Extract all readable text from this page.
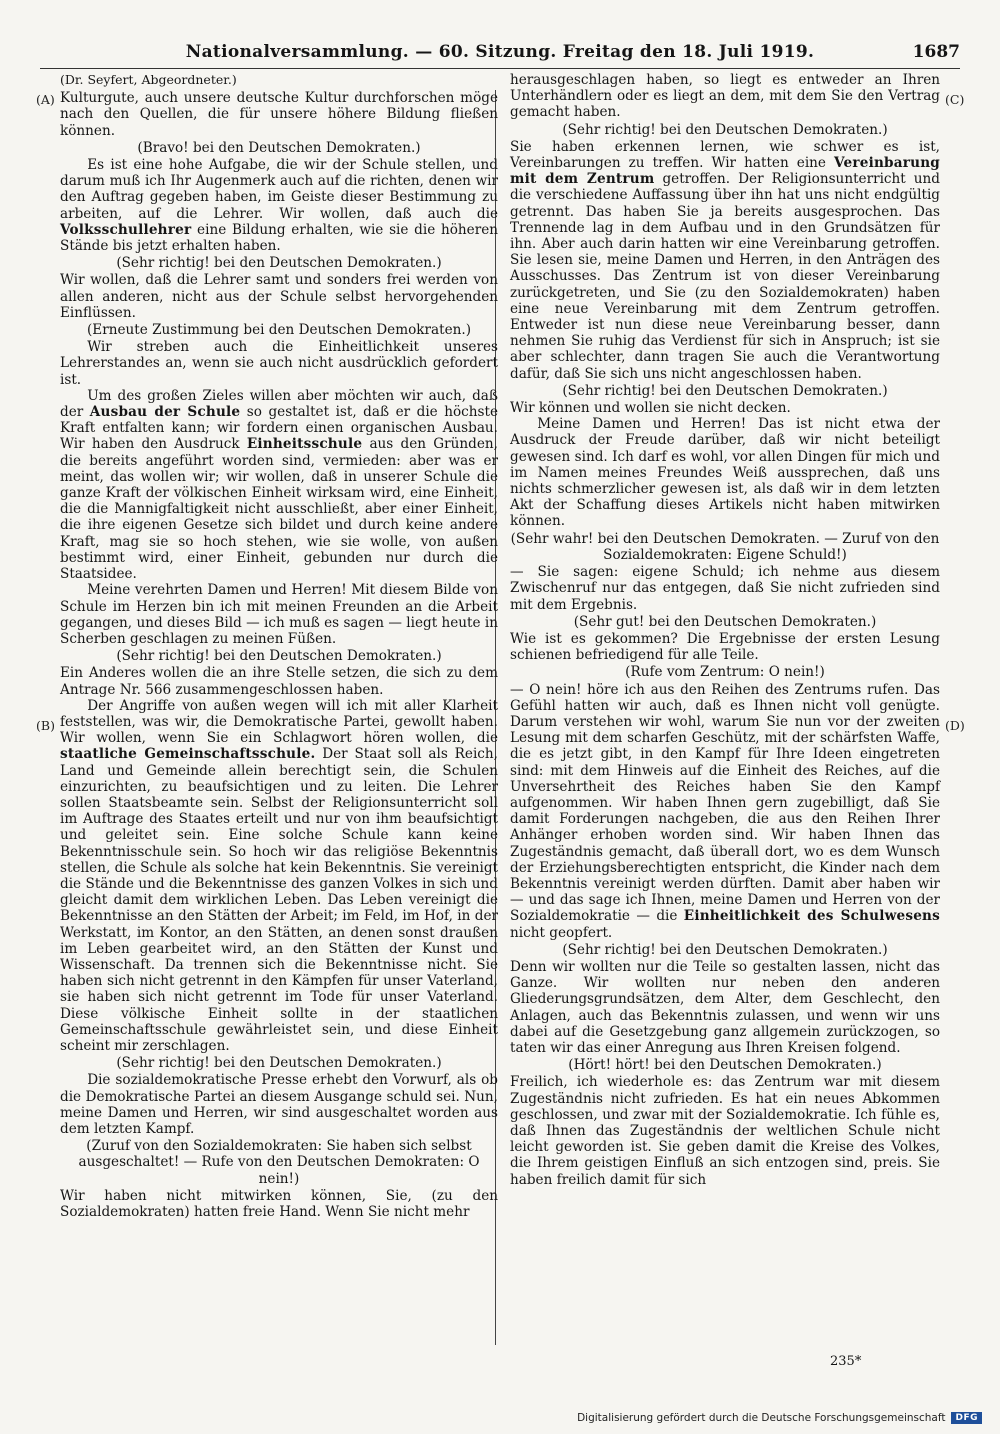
Nationalversammlung. — 60. Sitzung. Freitag den 18. Juli 1919.	1687
(A)
(B)
(C)
(D)

(Dr. Seyfert, Abgeordneter.)

Kulturgute, auch unsere deutsche Kultur durchforschen möge nach den Quellen, die für unsere höhere Bildung fließen können.

(Bravo! bei den Deutschen Demokraten.)

Es ist eine hohe Aufgabe, die wir der Schule stellen, und darum muß ich Ihr Augenmerk auch auf die richten, denen wir den Auftrag gegeben haben, im Geiste dieser Bestimmung zu arbeiten, auf die Lehrer. Wir wollen, daß auch die Volksschullehrer eine Bildung erhalten, wie sie die höheren Stände bis jetzt erhalten haben.

(Sehr richtig! bei den Deutschen Demokraten.)

Wir wollen, daß die Lehrer samt und sonders frei werden von allen anderen, nicht aus der Schule selbst hervorgehenden Einflüssen.

(Erneute Zustimmung bei den Deutschen Demokraten.)

Wir streben auch die Einheitlichkeit unseres Lehrerstandes an, wenn sie auch nicht ausdrücklich gefordert ist.

Um des großen Zieles willen aber möchten wir auch, daß der Ausbau der Schule so gestaltet ist, daß er die höchste Kraft entfalten kann; wir fordern einen organischen Ausbau. Wir haben den Ausdruck Einheitsschule aus den Gründen, die bereits angeführt worden sind, vermieden: aber was er meint, das wollen wir; wir wollen, daß in unserer Schule die ganze Kraft der völkischen Einheit wirksam wird, eine Einheit, die die Mannigfaltigkeit nicht ausschließt, aber einer Einheit, die ihre eigenen Gesetze sich bildet und durch keine andere Kraft, mag sie so hoch stehen, wie sie wolle, von außen bestimmt wird, einer Einheit, gebunden nur durch die Staatsidee.

Meine verehrten Damen und Herren! Mit diesem Bilde von Schule im Herzen bin ich mit meinen Freunden an die Arbeit gegangen, und dieses Bild — ich muß es sagen — liegt heute in Scherben geschlagen zu meinen Füßen.

(Sehr richtig! bei den Deutschen Demokraten.)

Ein Anderes wollen die an ihre Stelle setzen, die sich zu dem Antrage Nr. 566 zusammengeschlossen haben.

Der Angriffe von außen wegen will ich mit aller Klarheit feststellen, was wir, die Demokratische Partei, gewollt haben. Wir wollen, wenn Sie ein Schlagwort hören wollen, die staatliche Gemeinschaftsschule. Der Staat soll als Reich, Land und Gemeinde allein berechtigt sein, die Schulen einzurichten, zu beaufsichtigen und zu leiten. Die Lehrer sollen Staatsbeamte sein. Selbst der Religionsunterricht soll im Auftrage des Staates erteilt und nur von ihm beaufsichtigt und geleitet sein. Eine solche Schule kann keine Bekenntnisschule sein. So hoch wir das religiöse Bekenntnis stellen, die Schule als solche hat kein Bekenntnis. Sie vereinigt die Stände und die Bekenntnisse des ganzen Volkes in sich und gleicht damit dem wirklichen Leben. Das Leben vereinigt die Bekenntnisse an den Stätten der Arbeit; im Feld, im Hof, in der Werkstatt, im Kontor, an den Stätten, an denen sonst draußen im Leben gearbeitet wird, an den Stätten der Kunst und Wissenschaft. Da trennen sich die Bekenntnisse nicht. Sie haben sich nicht getrennt in den Kämpfen für unser Vaterland, sie haben sich nicht getrennt im Tode für unser Vaterland. Diese völkische Einheit sollte in der staatlichen Gemeinschaftsschule gewährleistet sein, und diese Einheit scheint mir zerschlagen.

(Sehr richtig! bei den Deutschen Demokraten.)

Die sozialdemokratische Presse erhebt den Vorwurf, als ob die Demokratische Partei an diesem Ausgange schuld sei. Nun, meine Damen und Herren, wir sind ausgeschaltet worden aus dem letzten Kampf.

(Zuruf von den Sozialdemokraten: Sie haben sich selbst ausgeschaltet! — Rufe von den Deutschen Demokraten: O nein!)

Wir haben nicht mitwirken können, Sie, (zu den Sozialdemokraten) hatten freie Hand. Wenn Sie nicht mehr

herausgeschlagen haben, so liegt es entweder an Ihren Unterhändlern oder es liegt an dem, mit dem Sie den Vertrag gemacht haben.

(Sehr richtig! bei den Deutschen Demokraten.)

Sie haben erkennen lernen, wie schwer es ist, Vereinbarungen zu treffen. Wir hatten eine Vereinbarung mit dem Zentrum getroffen. Der Religionsunterricht und die verschiedene Auffassung über ihn hat uns nicht endgültig getrennt. Das haben Sie ja bereits ausgesprochen. Das Trennende lag in dem Aufbau und in den Grundsätzen für ihn. Aber auch darin hatten wir eine Vereinbarung getroffen. Sie lesen sie, meine Damen und Herren, in den Anträgen des Ausschusses. Das Zentrum ist von dieser Vereinbarung zurückgetreten, und Sie (zu den Sozialdemokraten) haben eine neue Vereinbarung mit dem Zentrum getroffen. Entweder ist nun diese neue Vereinbarung besser, dann nehmen Sie ruhig das Verdienst für sich in Anspruch; ist sie aber schlechter, dann tragen Sie auch die Verantwortung dafür, daß Sie sich uns nicht angeschlossen haben.

(Sehr richtig! bei den Deutschen Demokraten.)

Wir können und wollen sie nicht decken.

Meine Damen und Herren! Das ist nicht etwa der Ausdruck der Freude darüber, daß wir nicht beteiligt gewesen sind. Ich darf es wohl, vor allen Dingen für mich und im Namen meines Freundes Weiß aussprechen, daß uns nichts schmerzlicher gewesen ist, als daß wir in dem letzten Akt der Schaffung dieses Artikels nicht haben mitwirken können.

(Sehr wahr! bei den Deutschen Demokraten. — Zuruf von den Sozialdemokraten: Eigene Schuld!)

— Sie sagen: eigene Schuld; ich nehme aus diesem Zwischenruf nur das entgegen, daß Sie nicht zufrieden sind mit dem Ergebnis.

(Sehr gut! bei den Deutschen Demokraten.)

Wie ist es gekommen? Die Ergebnisse der ersten Lesung schienen befriedigend für alle Teile.

(Rufe vom Zentrum: O nein!)

— O nein! höre ich aus den Reihen des Zentrums rufen. Das Gefühl hatten wir auch, daß es Ihnen nicht voll genügte. Darum verstehen wir wohl, warum Sie nun vor der zweiten Lesung mit dem scharfen Geschütz, mit der schärfsten Waffe, die es jetzt gibt, in den Kampf für Ihre Ideen eingetreten sind: mit dem Hinweis auf die Einheit des Reiches, auf die Unversehrtheit des Reiches haben Sie den Kampf aufgenommen. Wir haben Ihnen gern zugebilligt, daß Sie damit Forderungen nachgeben, die aus den Reihen Ihrer Anhänger erhoben worden sind. Wir haben Ihnen das Zugeständnis gemacht, daß überall dort, wo es dem Wunsch der Erziehungsberechtigten entspricht, die Kinder nach dem Bekenntnis vereinigt werden dürften. Damit aber haben wir — und das sage ich Ihnen, meine Damen und Herren von der Sozialdemokratie — die Einheitlichkeit des Schulwesens nicht geopfert.

(Sehr richtig! bei den Deutschen Demokraten.)

Denn wir wollten nur die Teile so gestalten lassen, nicht das Ganze. Wir wollten nur neben den anderen Gliederungsgrundsätzen, dem Alter, dem Geschlecht, den Anlagen, auch das Bekenntnis zulassen, und wenn wir uns dabei auf die Gesetzgebung ganz allgemein zurückzogen, so taten wir das einer Anregung aus Ihren Kreisen folgend.

(Hört! hört! bei den Deutschen Demokraten.)

Freilich, ich wiederhole es: das Zentrum war mit diesem Zugeständnis nicht zufrieden. Es hat ein neues Abkommen geschlossen, und zwar mit der Sozialdemokratie. Ich fühle es, daß Ihnen das Zugeständnis der weltlichen Schule nicht leicht geworden ist. Sie geben damit die Kreise des Volkes, die Ihrem geistigen Einfluß an sich entzogen sind, preis. Sie haben freilich damit für sich

235*
Digitalisierung gefördert durch die Deutsche Forschungsgemeinschaft	DFG
